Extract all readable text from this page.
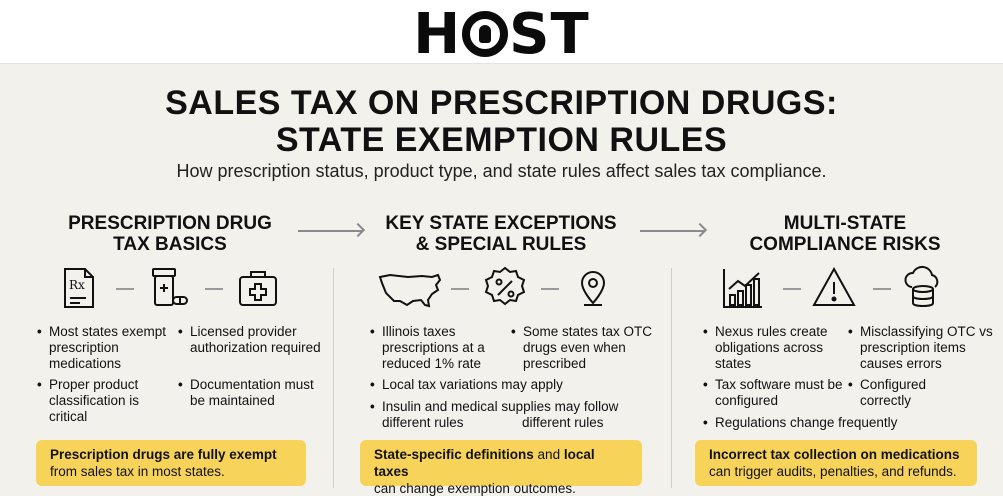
H ST
SALES TAX ON PRESCRIPTION DRUGS:
STATE EXEMPTION RULES
How prescription status, product type, and state rules affect sales tax compliance.
PRESCRIPTION DRUG
TAX BASICS
KEY STATE EXCEPTIONS
& SPECIAL RULES
MULTI-STATE
COMPLIANCE RISKS
Rx
• Most states exempt prescription medications
• Licensed provider authorization required
• Proper product classification is critical
• Documentation must be maintained
• Illinois taxes prescriptions at a reduced 1% rate
• Some states tax OTC drugs even when prescribed
• Local tax variations may apply
• Insulin and medical supplies may follow different rules	different rules
• Nexus rules create obligations across states
• Misclassifying OTC vs prescription items causes errors
• Tax software must be configured
• Configured correctly
• Regulations change frequently
Prescription drugs are fully exempt
from sales tax in most states.
State-specific definitions and local taxes
can change exemption outcomes.
Incorrect tax collection on medications
can trigger audits, penalties, and refunds.
